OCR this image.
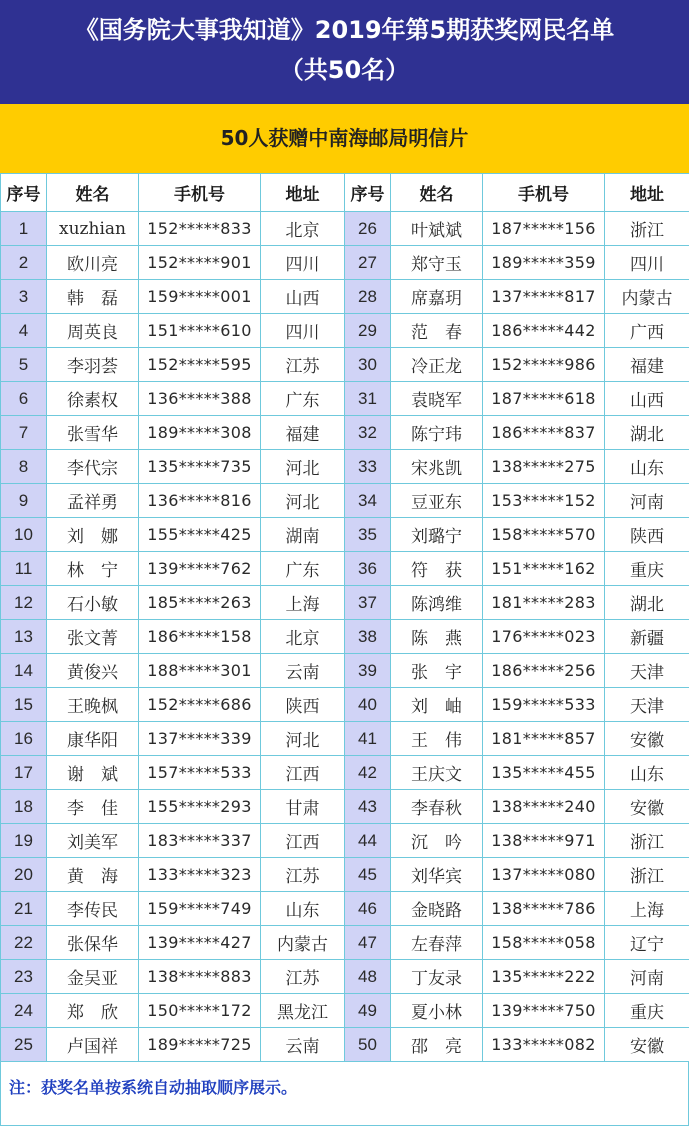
《国务院大事我知道》2019年第5期获奖网民名单
（共50名）
50人获赠中南海邮局明信片
序号	姓名	手机号	地址	序号	姓名	手机号	地址
1	xuzhian	152*****833	北京	26	叶斌斌	187*****156	浙江
2	欧川亮	152*****901	四川	27	郑守玉	189*****359	四川
3	韩　磊	159*****001	山西	28	席嘉玥	137*****817	内蒙古
4	周英良	151*****610	四川	29	范　春	186*****442	广西
5	李羽荟	152*****595	江苏	30	冷正龙	152*****986	福建
6	徐素权	136*****388	广东	31	袁晓军	187*****618	山西
7	张雪华	189*****308	福建	32	陈宁玮	186*****837	湖北
8	李代宗	135*****735	河北	33	宋兆凯	138*****275	山东
9	孟祥勇	136*****816	河北	34	豆亚东	153*****152	河南
10	刘　娜	155*****425	湖南	35	刘璐宁	158*****570	陕西
11	林　宁	139*****762	广东	36	符　获	151*****162	重庆
12	石小敏	185*****263	上海	37	陈鸿维	181*****283	湖北
13	张文菁	186*****158	北京	38	陈　燕	176*****023	新疆
14	黄俊兴	188*****301	云南	39	张　宇	186*****256	天津
15	王晚枫	152*****686	陕西	40	刘　岫	159*****533	天津
16	康华阳	137*****339	河北	41	王　伟	181*****857	安徽
17	谢　斌	157*****533	江西	42	王庆文	135*****455	山东
18	李　佳	155*****293	甘肃	43	李春秋	138*****240	安徽
19	刘美军	183*****337	江西	44	沉　吟	138*****971	浙江
20	黄　海	133*****323	江苏	45	刘华宾	137*****080	浙江
21	李传民	159*****749	山东	46	金晓路	138*****786	上海
22	张保华	139*****427	内蒙古	47	左春萍	158*****058	辽宁
23	金吴亚	138*****883	江苏	48	丁友录	135*****222	河南
24	郑　欣	150*****172	黑龙江	49	夏小林	139*****750	重庆
25	卢国祥	189*****725	云南	50	邵　亮	133*****082	安徽
注：获奖名单按系统自动抽取顺序展示。
